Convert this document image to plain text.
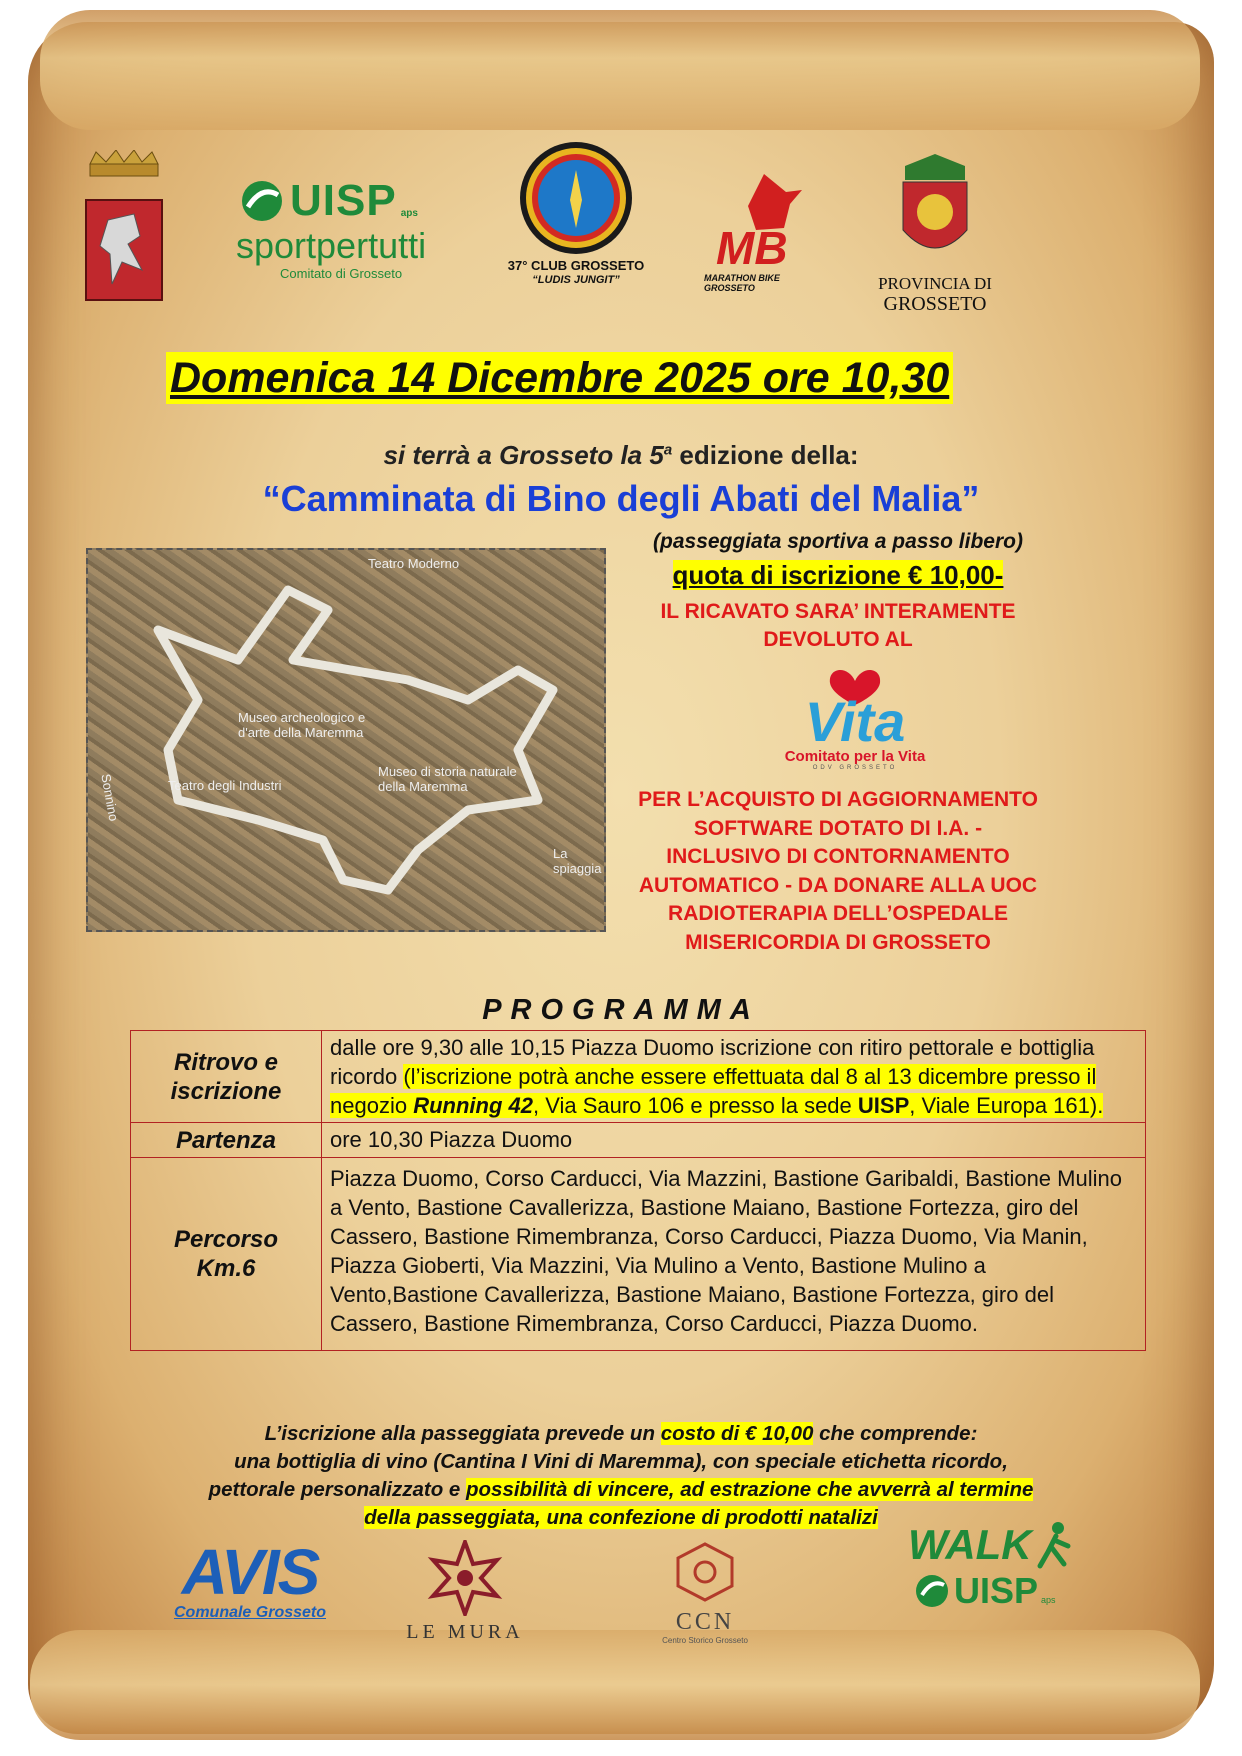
UISP aps
sportpertutti
Comitato di Grosseto
37° CLUB GROSSETO
“LUDIS JUNGIT”
MB
MARATHON BIKE GROSSETO	PROVINCIA DI
GROSSETO
Domenica 14 Dicembre 2025 ore 10,30
si terrà a Grosseto la 5$^a$ edizione della:
“Camminata di Bino degli Abati del Malia”
Teatro Moderno
Museo archeologico e d'arte della Maremma
Museo di storia naturale della Maremma
Teatro degli Industri
La spiaggia
Sonnino
(passeggiata sportiva a passo libero)
quota di iscrizione € 10,00-
IL RICAVATO SARA’ INTERAMENTE
DEVOLUTO AL
Vita
Comitato per la Vita
ODV GROSSETO
PER L’ACQUISTO DI AGGIORNAMENTO
SOFTWARE DOTATO DI I.A. -
INCLUSIVO DI CONTORNAMENTO
AUTOMATICO - DA DONARE ALLA UOC
RADIOTERAPIA DELL’OSPEDALE
MISERICORDIA DI GROSSETO
PROGRAMMA
Ritrovo e iscrizione	dalle ore 9,30 alle 10,15 Piazza Duomo iscrizione con ritiro pettorale e bottiglia ricordo (l’iscrizione potrà anche essere effettuata dal 8 al 13 dicembre presso il negozio Running 42, Via Sauro 106 e presso la sede UISP, Viale Europa 161).
Partenza	ore 10,30 Piazza Duomo
Percorso Km.6	Piazza Duomo, Corso Carducci, Via Mazzini, Bastione Garibaldi, Bastione Mulino a Vento, Bastione Cavallerizza, Bastione Maiano, Bastione Fortezza, giro del Cassero, Bastione Rimembranza, Corso Carducci, Piazza Duomo, Via Manin, Piazza Gioberti, Via Mazzini, Via Mulino a Vento, Bastione Mulino a Vento,Bastione Cavallerizza, Bastione Maiano, Bastione Fortezza, giro del Cassero, Bastione Rimembranza, Corso Carducci, Piazza Duomo.
L’iscrizione alla passeggiata prevede un costo di € 10,00 che comprende:
una bottiglia di vino (Cantina I Vini di Maremma), con speciale etichetta ricordo,
pettorale personalizzato e possibilità di vincere, ad estrazione che avverrà al termine
della passeggiata, una confezione di prodotti natalizi
AVIS
Comunale Grosseto
LE MURA	CCN
Centro Storico Grosseto
WALK
UISP aps
